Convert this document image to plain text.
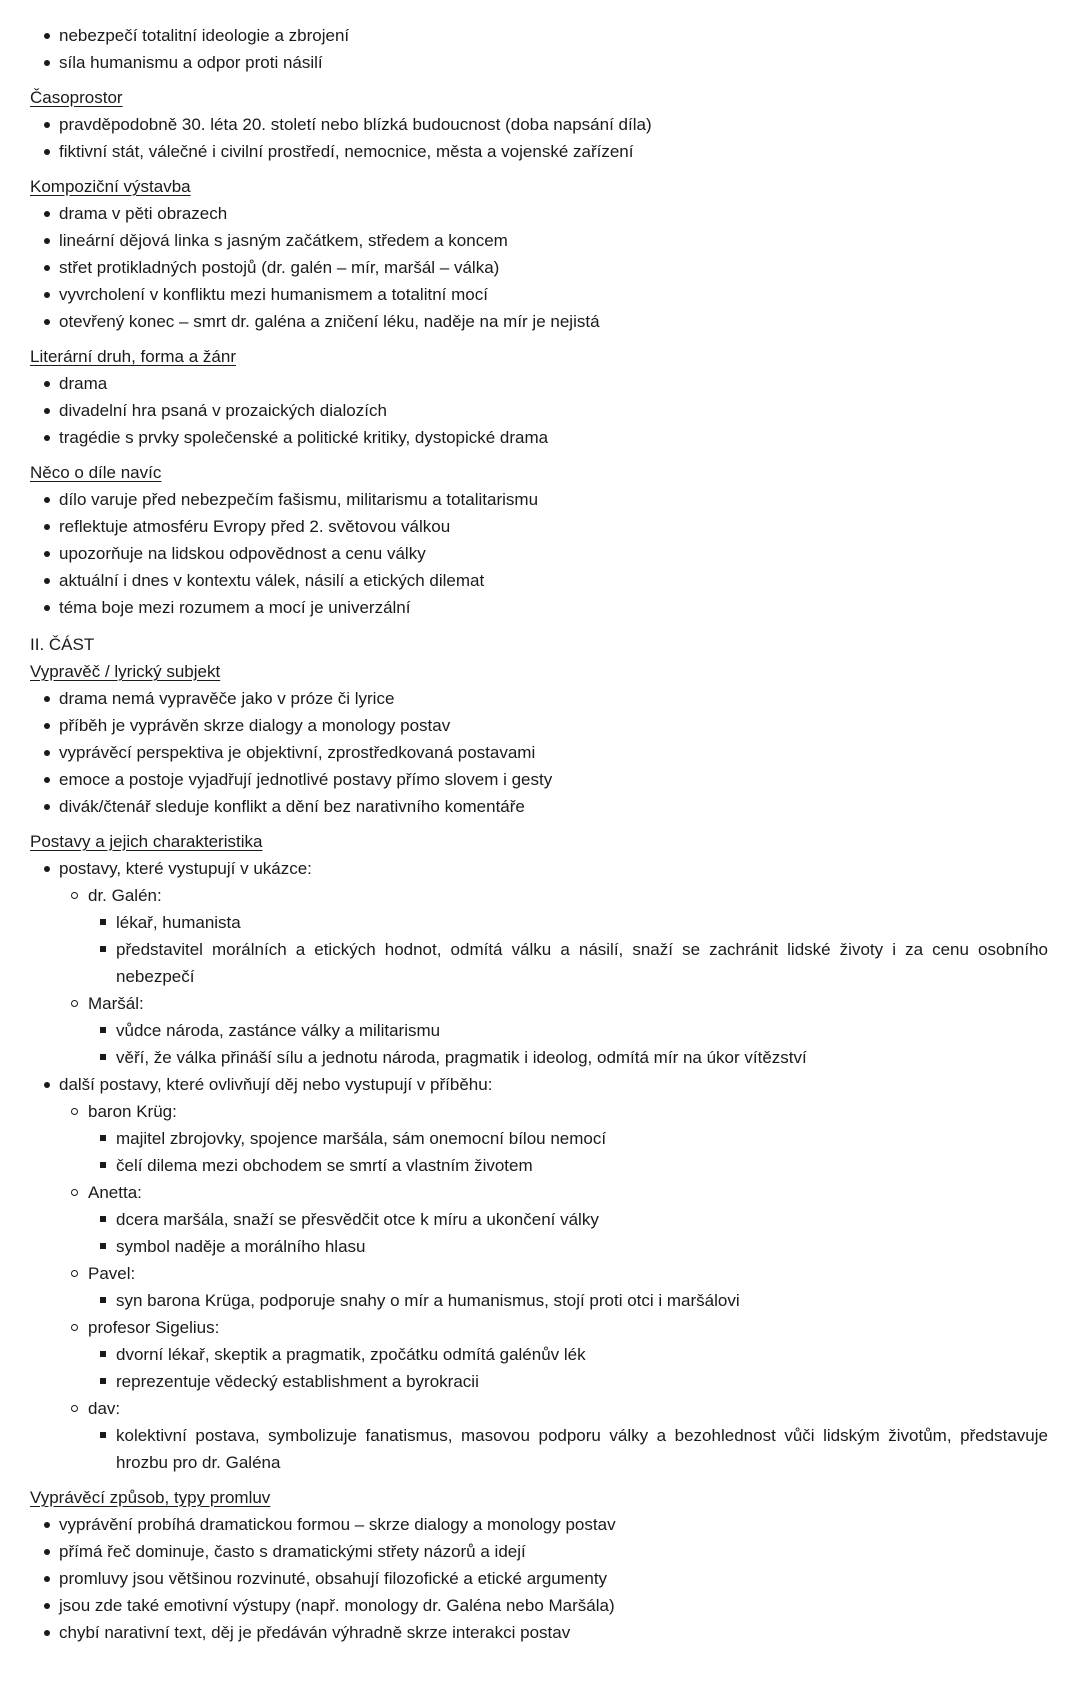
nebezpečí totalitní ideologie a zbrojení
síla humanismu a odpor proti násilí
Časoprostor
pravděpodobně 30. léta 20. století nebo blízká budoucnost (doba napsání díla)
fiktivní stát, válečné i civilní prostředí, nemocnice, města a vojenské zařízení
Kompoziční výstavba
drama v pěti obrazech
lineární dějová linka s jasným začátkem, středem a koncem
střet protikladných postojů (dr. galén – mír, maršál – válka)
vyvrcholení v konfliktu mezi humanismem a totalitní mocí
otevřený konec – smrt dr. galéna a zničení léku, naděje na mír je nejistá
Literární druh, forma a žánr
drama
divadelní hra psaná v prozaických dialozích
tragédie s prvky společenské a politické kritiky, dystopické drama
Něco o díle navíc
dílo varuje před nebezpečím fašismu, militarismu a totalitarismu
reflektuje atmosféru Evropy před 2. světovou válkou
upozorňuje na lidskou odpovědnost a cenu války
aktuální i dnes v kontextu válek, násilí a etických dilemat
téma boje mezi rozumem a mocí je univerzální
II. ČÁST
Vypravěč / lyrický subjekt
drama nemá vypravěče jako v próze či lyrice
příběh je vyprávěn skrze dialogy a monology postav
vyprávěcí perspektiva je objektivní, zprostředkovaná postavami
emoce a postoje vyjadřují jednotlivé postavy přímo slovem i gesty
divák/čtenář sleduje konflikt a dění bez narativního komentáře
Postavy a jejich charakteristika
postavy, které vystupují v ukázce:
dr. Galén:
lékař, humanista
představitel morálních a etických hodnot, odmítá válku a násilí, snaží se zachránit lidské životy i za cenu osobního nebezpečí
Maršál:
vůdce národa, zastánce války a militarismu
věří, že válka přináší sílu a jednotu národa, pragmatik i ideolog, odmítá mír na úkor vítězství
další postavy, které ovlivňují děj nebo vystupují v příběhu:
baron Krüg:
majitel zbrojovky, spojence maršála, sám onemocní bílou nemocí
čelí dilema mezi obchodem se smrtí a vlastním životem
Anetta:
dcera maršála, snaží se přesvědčit otce k míru a ukončení války
symbol naděje a morálního hlasu
Pavel:
syn barona Krüga, podporuje snahy o mír a humanismus, stojí proti otci i maršálovi
profesor Sigelius:
dvorní lékař, skeptik a pragmatik, zpočátku odmítá galénův lék
reprezentuje vědecký establishment a byrokracii
dav:
kolektivní postava, symbolizuje fanatismus, masovou podporu války a bezohlednost vůči lidským životům, představuje hrozbu pro dr. Galéna
Vyprávěcí způsob, typy promluv
vyprávění probíhá dramatickou formou – skrze dialogy a monology postav
přímá řeč dominuje, často s dramatickými střety názorů a idejí
promluvy jsou většinou rozvinuté, obsahují filozofické a etické argumenty
jsou zde také emotivní výstupy (např. monology dr. Galéna nebo Maršála)
chybí narativní text, děj je předáván výhradně skrze interakci postav
